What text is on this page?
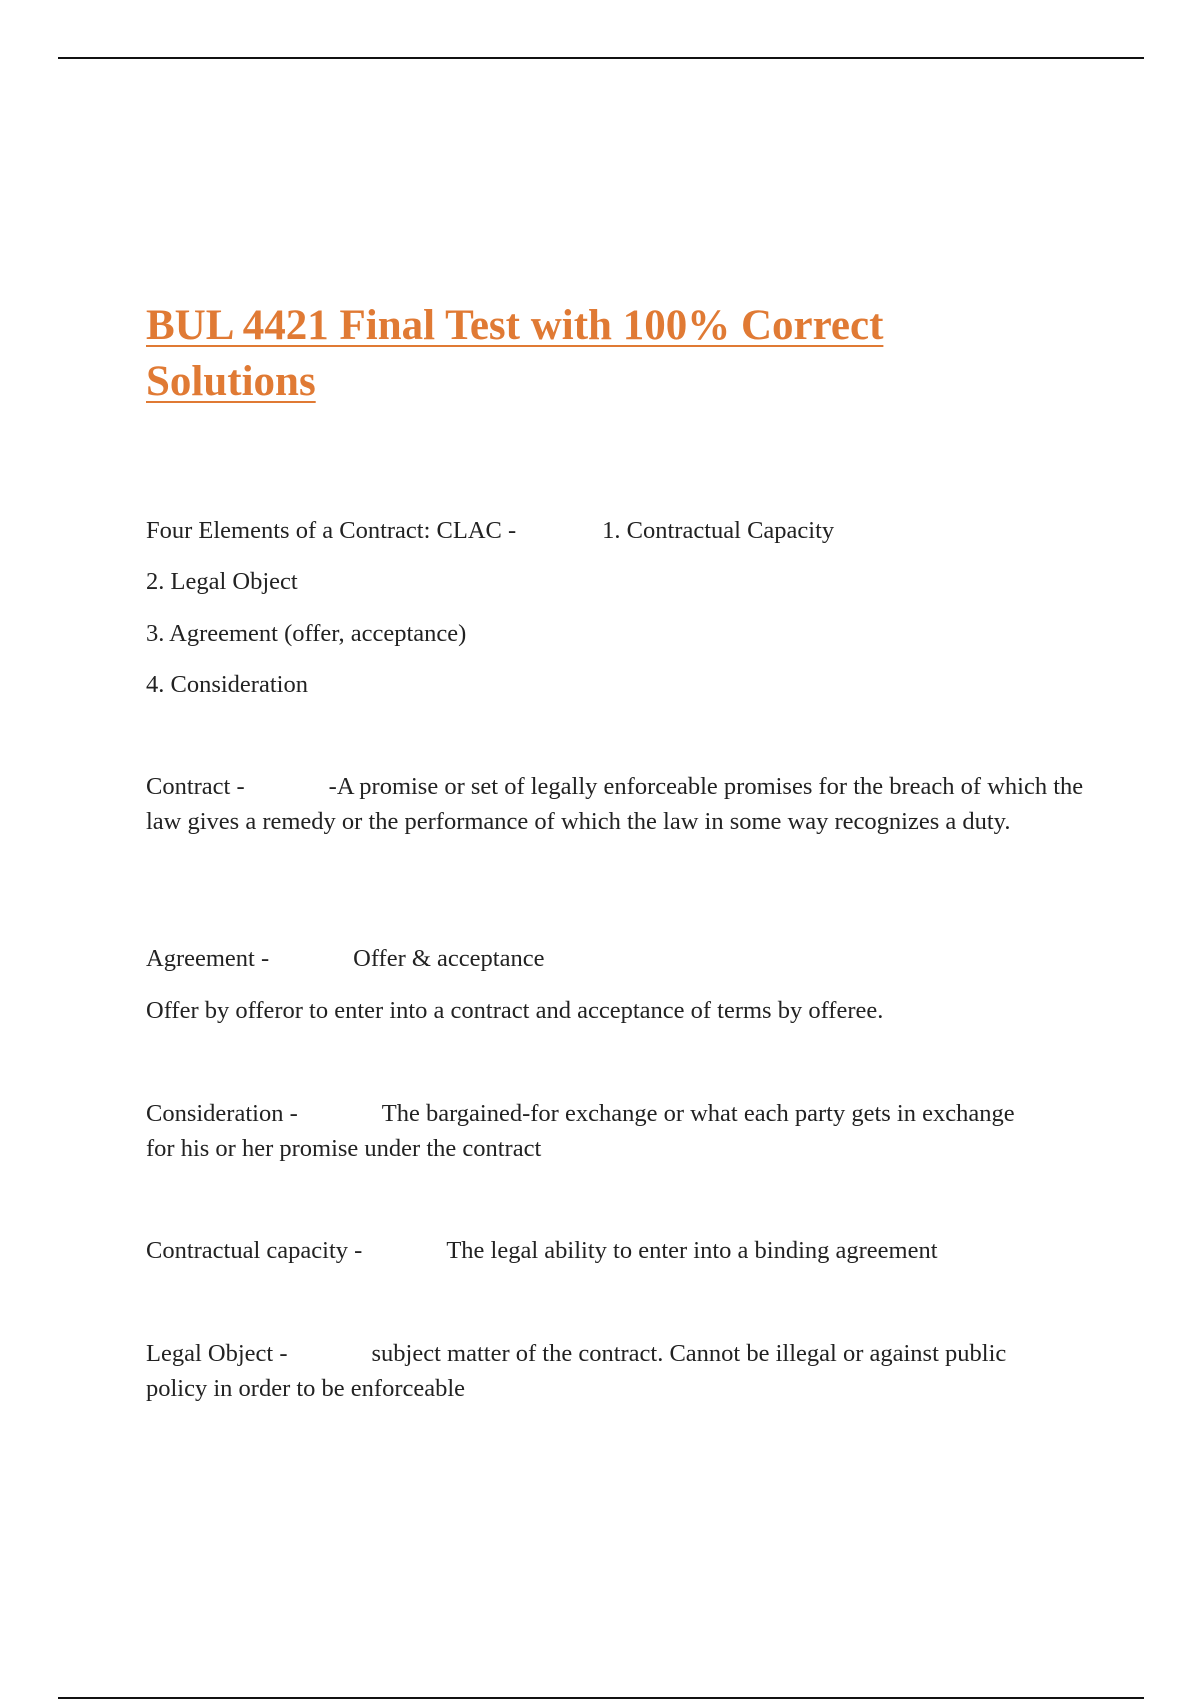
BUL 4421 Final Test with 100% Correct
Solutions

Four Elements of a Contract: CLAC -	1. Contractual Capacity

2. Legal Object

3. Agreement (offer, acceptance)

4. Consideration

Contract -	-A promise or set of legally enforceable promises for the breach of which the law gives a remedy or the performance of which the law in some way recognizes a duty.

Agreement -	Offer & acceptance

Offer by offeror to enter into a contract and acceptance of terms by offeree.

Consideration -	The bargained-for exchange or what each party gets in exchange for his or her promise under the contract

Contractual capacity -	The legal ability to enter into a binding agreement

Legal Object -	subject matter of the contract. Cannot be illegal or against public policy in order to be enforceable
